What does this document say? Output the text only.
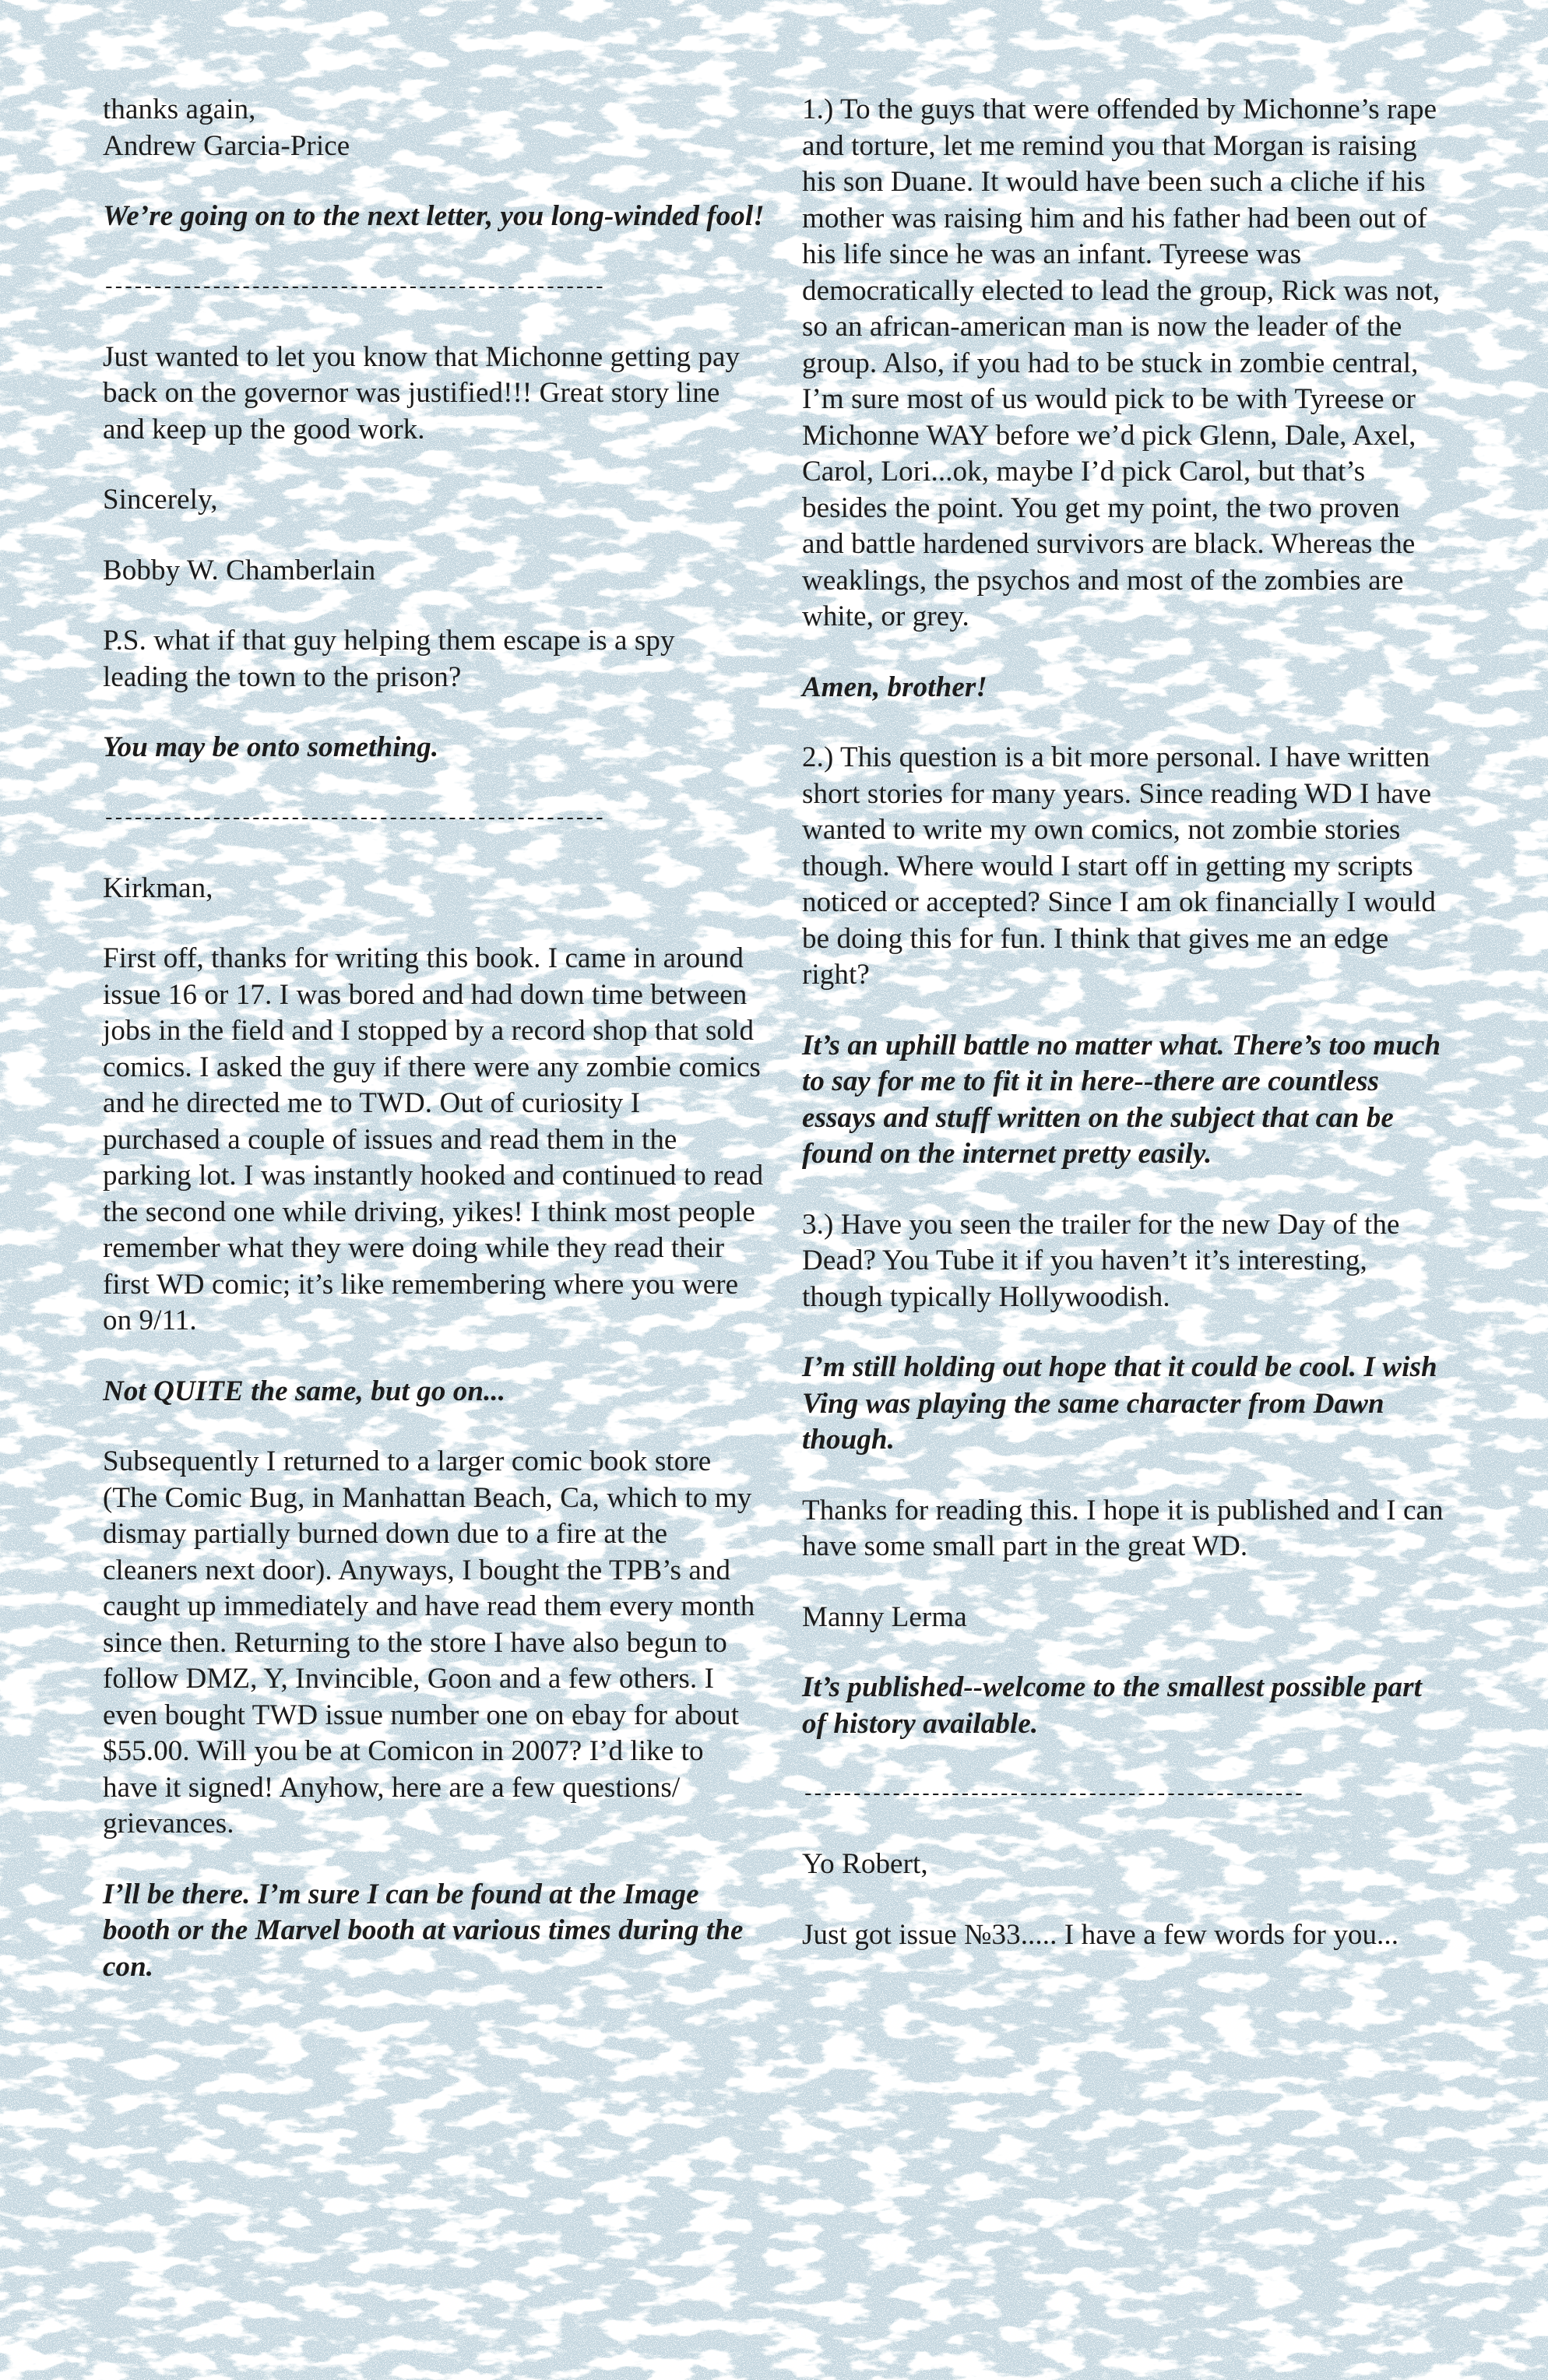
thanks again,

Andrew Garcia-Price

We’re going on to the next letter, you long-winded fool!

---------------------------------------------------

Just wanted to let you know that Michonne getting pay back on the governor was justified!!! Great story line and keep up the good work.

Sincerely,

Bobby W. Chamberlain

P.S. what if that guy helping them escape is a spy leading the town to the prison?

You may be onto something.

---------------------------------------------------

Kirkman,

First off, thanks for writing this book. I came in around issue 16 or 17. I was bored and had down time between jobs in the field and I stopped by a record shop that sold comics. I asked the guy if there were any zombie comics and he directed me to TWD. Out of curiosity I purchased a couple of issues and read them in the parking lot. I was instantly hooked and continued to read the second one while driving, yikes! I think most people remember what they were doing while they read their first WD comic; it’s like remembering where you were on 9/11.

Not QUITE the same, but go on...

Subsequently I returned to a larger comic book store (The Comic Bug, in Manhattan Beach, Ca, which to my dismay partially burned down due to a fire at the cleaners next door). Anyways, I bought the TPB’s and caught up immediately and have read them every month since then. Returning to the store I have also begun to follow DMZ, Y, Invincible, Goon and a few others. I even bought TWD issue number one on ebay for about $55.00. Will you be at Comicon in 2007? I’d like to have it signed! Anyhow, here are a few questions/ grievances.

I’ll be there. I’m sure I can be found at the Image booth or the Marvel booth at various times during the con.

1.) To the guys that were offended by Michonne’s rape and torture, let me remind you that Morgan is raising his son Duane. It would have been such a cliche if his mother was raising him and his father had been out of his life since he was an infant. Tyreese was democratically elected to lead the group, Rick was not, so an african-american man is now the leader of the group. Also, if you had to be stuck in zombie central, I’m sure most of us would pick to be with Tyreese or Michonne WAY before we’d pick Glenn, Dale, Axel, Carol, Lori...ok, maybe I’d pick Carol, but that’s besides the point. You get my point, the two proven and battle hardened survivors are black. Whereas the weaklings, the psychos and most of the zombies are white, or grey.

Amen, brother!

2.) This question is a bit more personal. I have written short stories for many years. Since reading WD I have wanted to write my own comics, not zombie stories though. Where would I start off in getting my scripts noticed or accepted? Since I am ok financially I would be doing this for fun. I think that gives me an edge right?

It’s an uphill battle no matter what. There’s too much to say for me to fit it in here--there are countless essays and stuff written on the subject that can be found on the internet pretty easily.

3.) Have you seen the trailer for the new Day of the Dead? You Tube it if you haven’t it’s interesting, though typically Hollywoodish.

I’m still holding out hope that it could be cool. I wish Ving was playing the same character from Dawn though.

Thanks for reading this. I hope it is published and I can have some small part in the great WD.

Manny Lerma

It’s published--welcome to the smallest possible part of history available.

---------------------------------------------------

Yo Robert,

Just got issue №33..... I have a few words for you...
